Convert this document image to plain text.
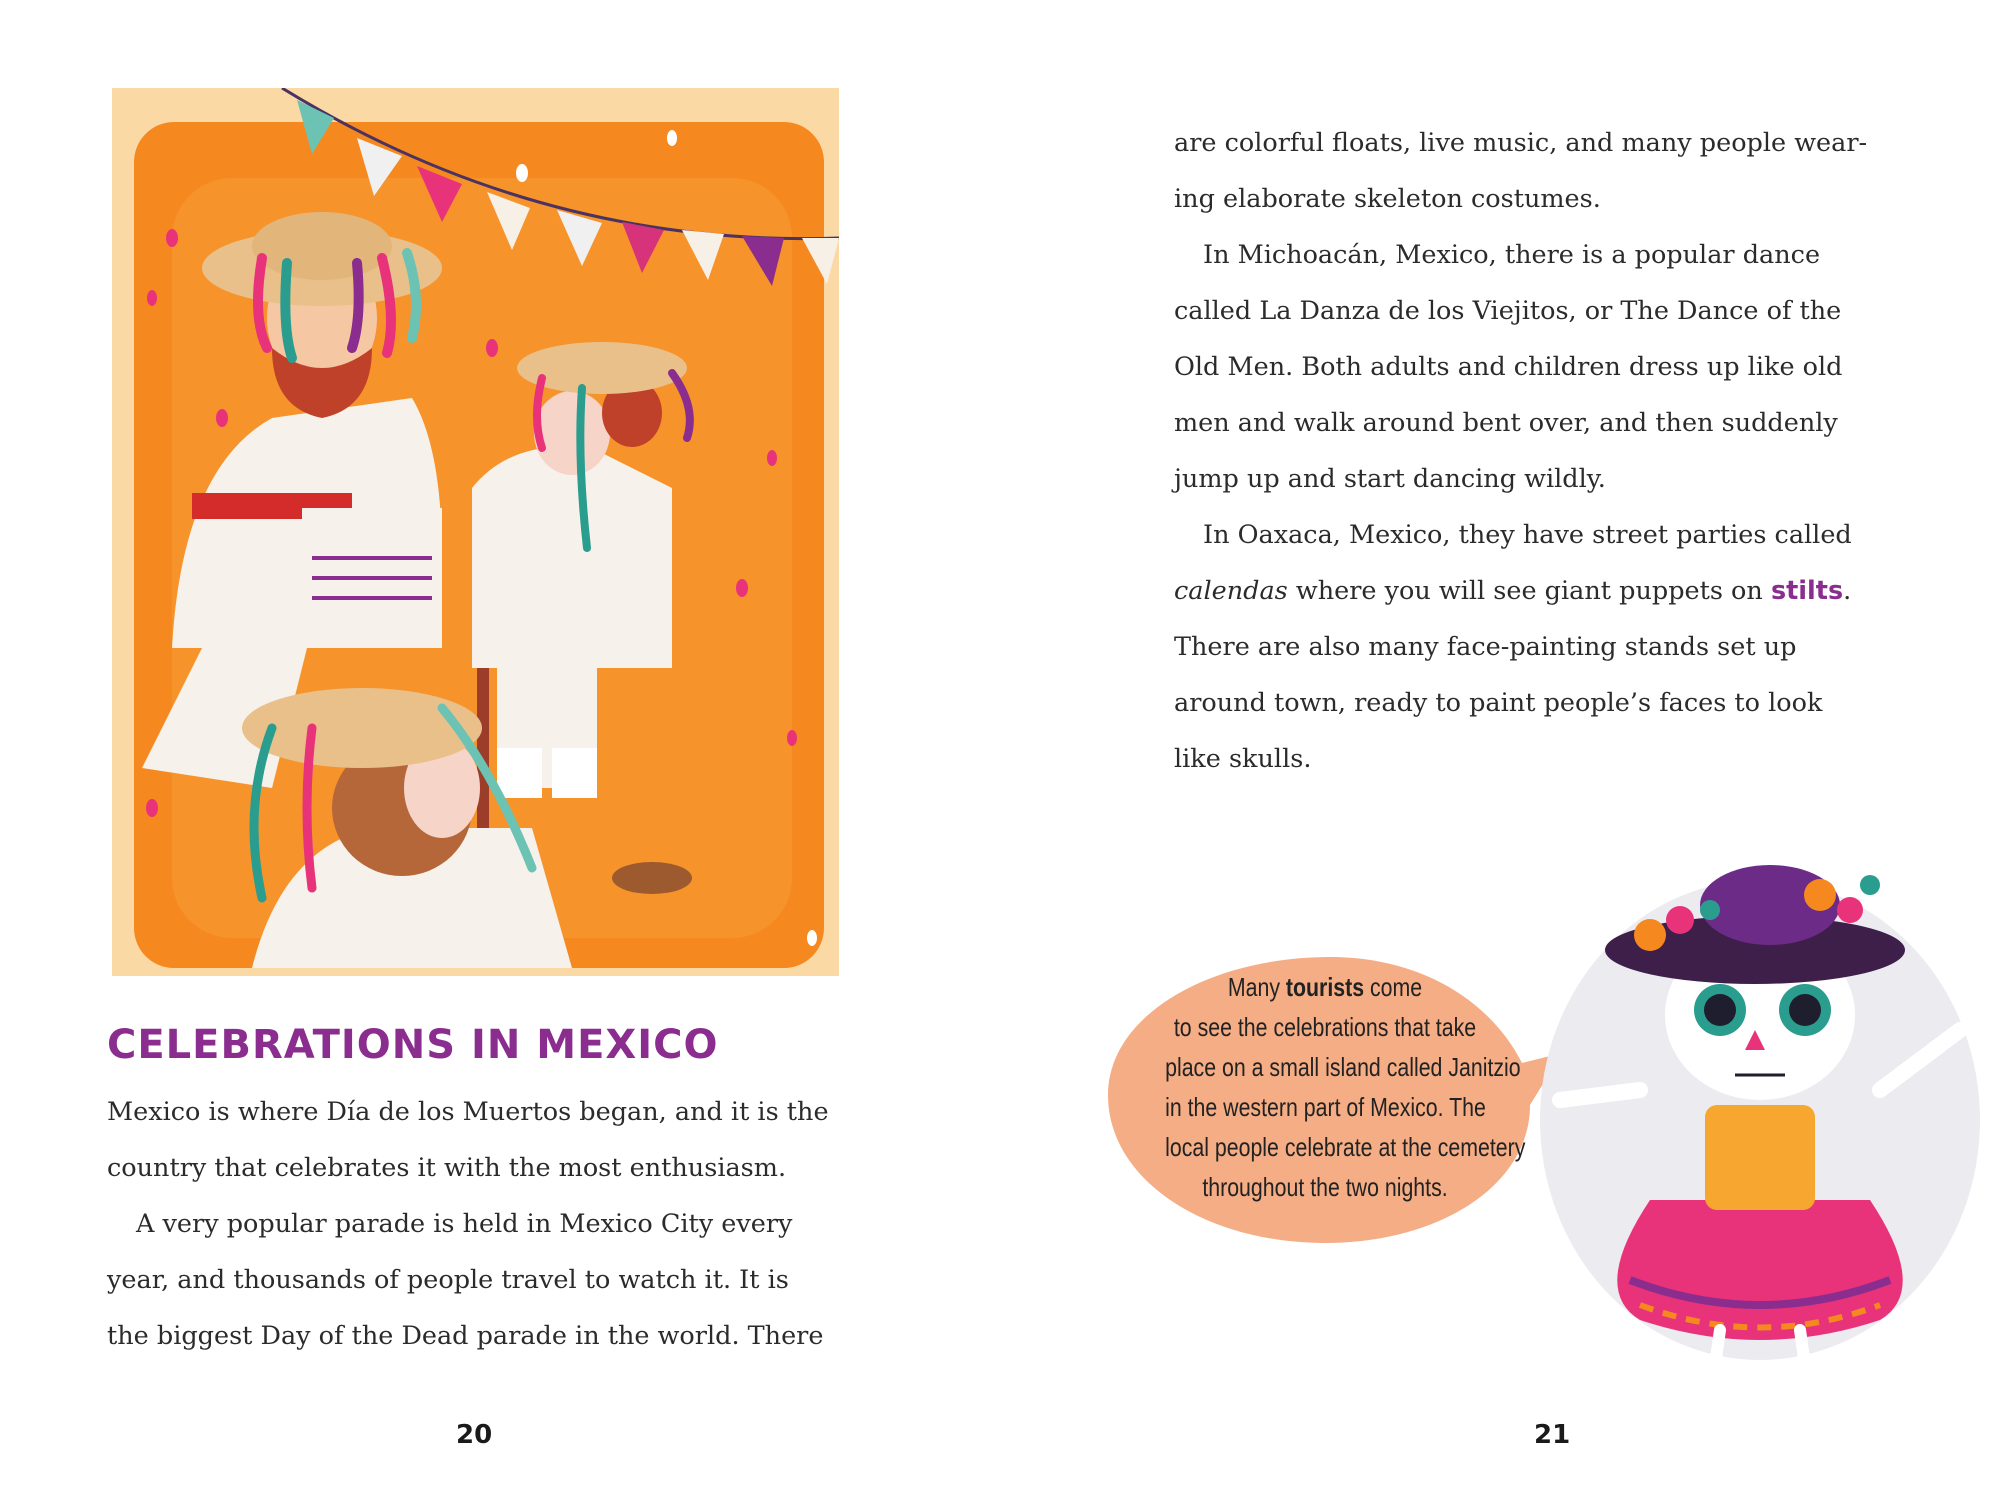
CELEBRATIONS IN MEXICO

Mexico is where Día de los Muertos began, and it is the
country that celebrates it with the most enthusiasm.

A very popular parade is held in Mexico City every
year, and thousands of people travel to watch it. It is
the biggest Day of the Dead parade in the world. There

20

are colorful floats, live music, and many people wear-
ing elaborate skeleton costumes.

In Michoacán, Mexico, there is a popular dance
called La Danza de los Viejitos, or The Dance of the
Old Men. Both adults and children dress up like old
men and walk around bent over, and then suddenly
jump up and start dancing wildly.

In Oaxaca, Mexico, they have street parties called
calendas where you will see giant puppets on stilts.
There are also many face-painting stands set up
around town, ready to paint people’s faces to look
like skulls.

Many tourists come
to see the celebrations that take
place on a small island called Janitzio
in the western part of Mexico. The
local people celebrate at the cemetery
throughout the two nights.
21
